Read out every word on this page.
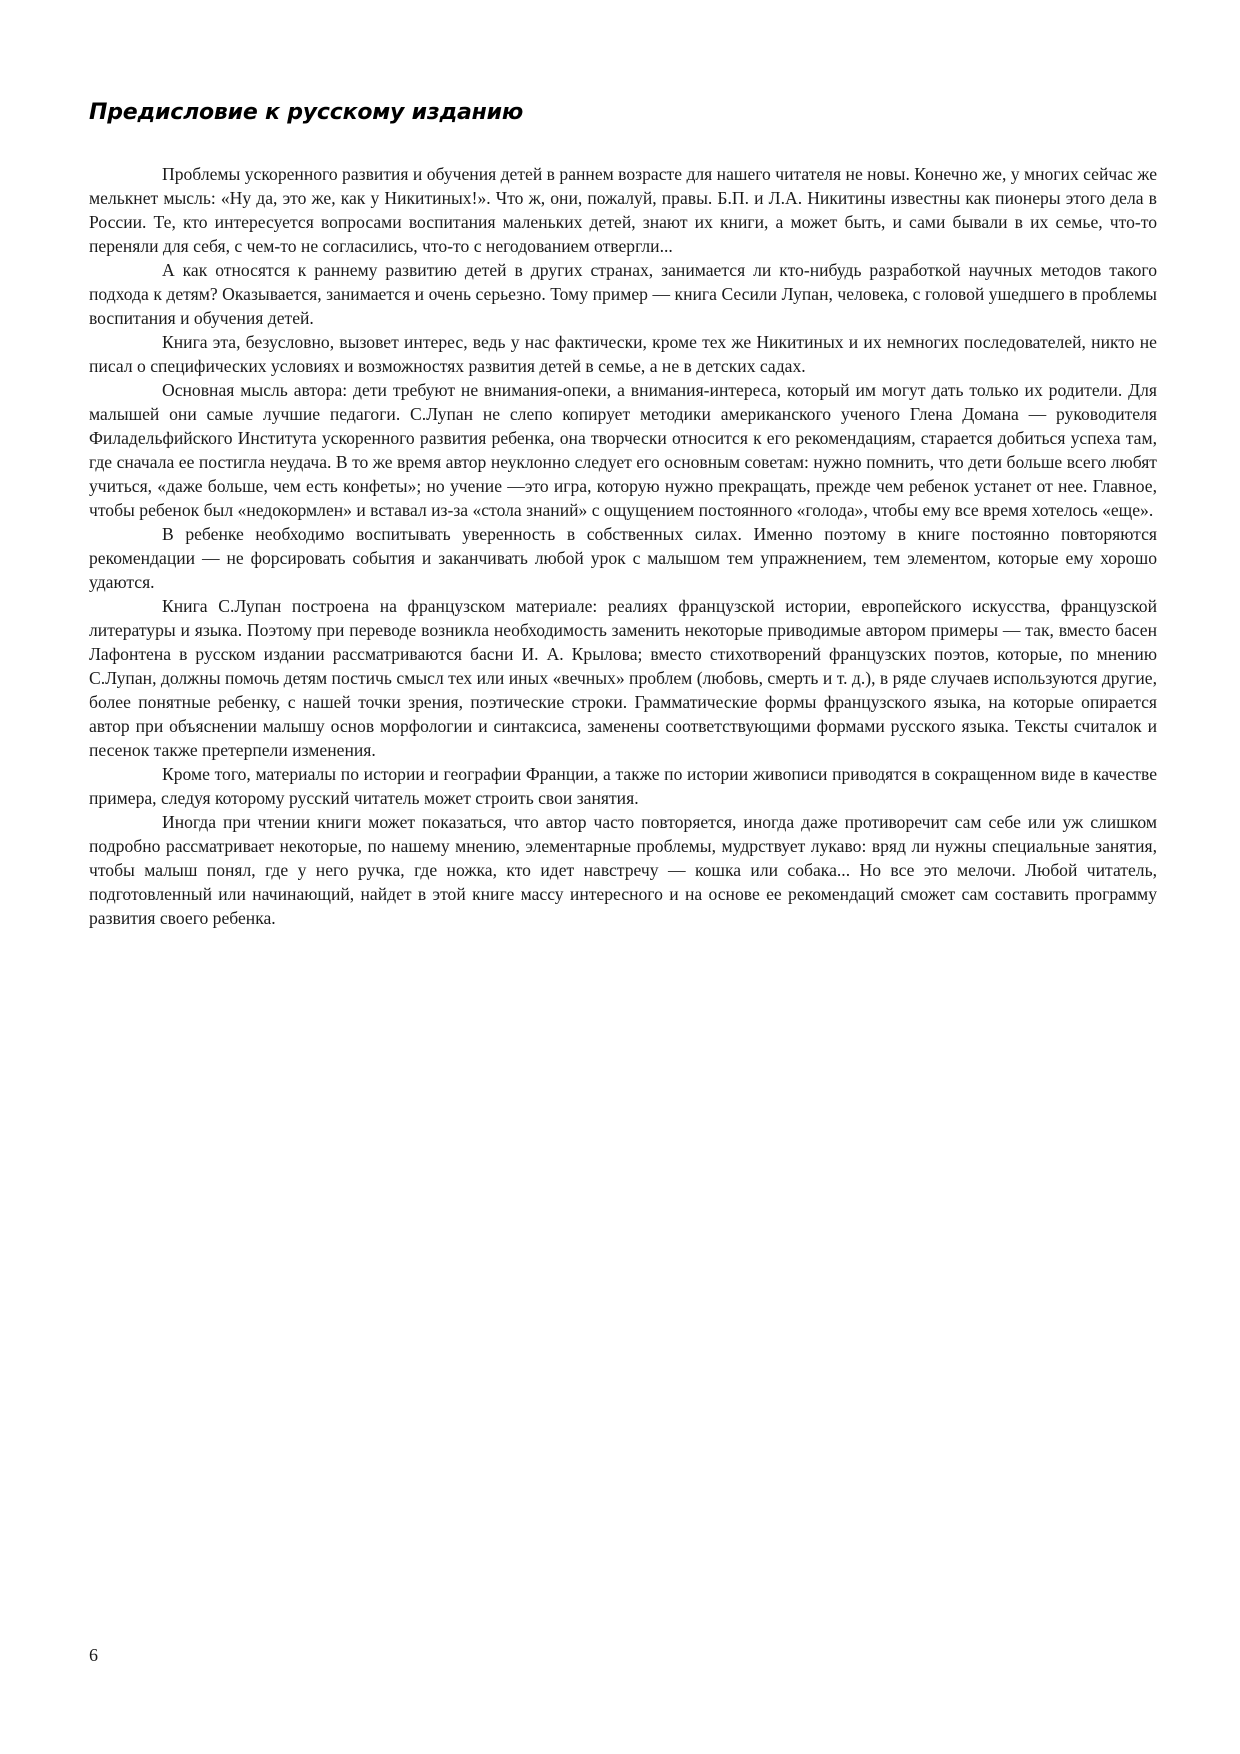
Предисловие к русскому изданию

Проблемы ускоренного развития и обучения детей в раннем возрасте для нашего читателя не новы. Конечно же, у многих сейчас же мелькнет мысль: «Ну да, это же, как у Никитиных!». Что ж, они, пожалуй, правы. Б.П. и Л.А. Никитины известны как пионеры этого дела в России. Те, кто интересуется вопросами воспитания маленьких детей, знают их книги, а может быть, и сами бывали в их семье, что-то переняли для себя, с чем-то не согласились, что-то с негодованием отвергли...

А как относятся к раннему развитию детей в других странах, занимается ли кто-нибудь разработкой научных методов такого подхода к детям? Оказывается, занимается и очень серьезно. Тому пример — книга Сесили Лупан, человека, с головой ушедшего в проблемы воспитания и обучения детей.

Книга эта, безусловно, вызовет интерес, ведь у нас фактически, кроме тех же Никитиных и их немногих последователей, никто не писал о специфических условиях и возможностях развития детей в семье, а не в детских садах.

Основная мысль автора: дети требуют не внимания-опеки, а внимания-интереса, который им могут дать только их родители. Для малышей они самые лучшие педагоги. С.Лупан не слепо копирует методики американского ученого Глена Домана — руководителя Филадельфийского Института ускоренного развития ребенка, она творчески относится к его рекомендациям, старается добиться успеха там, где сначала ее постигла неудача. В то же время автор неуклонно следует его основным советам: нужно помнить, что дети больше всего любят учиться, «даже больше, чем есть конфеты»; но учение —это игра, которую нужно прекращать, прежде чем ребенок устанет от нее. Главное, чтобы ребенок был «недокормлен» и вставал из-за «стола знаний» с ощущением постоянного «голода», чтобы ему все время хотелось «еще».

В ребенке необходимо воспитывать уверенность в собственных силах. Именно поэтому в книге постоянно повторяются рекомендации — не форсировать события и заканчивать любой урок с малышом тем упражнением, тем элементом, которые ему хорошо удаются.

Книга С.Лупан построена на французском материале: реалиях французской истории, европейского искусства, французской литературы и языка. Поэтому при переводе возникла необходимость заменить некоторые приводимые автором примеры — так, вместо басен Лафонтена в русском издании рассматриваются басни И. А. Крылова; вместо стихотворений французских поэтов, которые, по мнению С.Лупан, должны помочь детям постичь смысл тех или иных «вечных» проблем (любовь, смерть и т. д.), в ряде случаев используются другие, более понятные ребенку, с нашей точки зрения, поэтические строки. Грамматические формы французского языка, на которые опирается автор при объяснении малышу основ морфологии и синтаксиса, заменены соответствующими формами русского языка. Тексты считалок и песенок также претерпели изменения.

Кроме того, материалы по истории и географии Франции, а также по истории живописи приводятся в сокращенном виде в качестве примера, следуя которому русский читатель может строить свои занятия.

Иногда при чтении книги может показаться, что автор часто повторяется, иногда даже противоречит сам себе или уж слишком подробно рассматривает некоторые, по нашему мнению, элементарные проблемы, мудрствует лукаво: вряд ли нужны специальные занятия, чтобы малыш понял, где у него ручка, где ножка, кто идет навстречу — кошка или собака... Но все это мелочи. Любой читатель, подготовленный или начинающий, найдет в этой книге массу интересного и на основе ее рекомендаций сможет сам составить программу развития своего ребенка.

6
